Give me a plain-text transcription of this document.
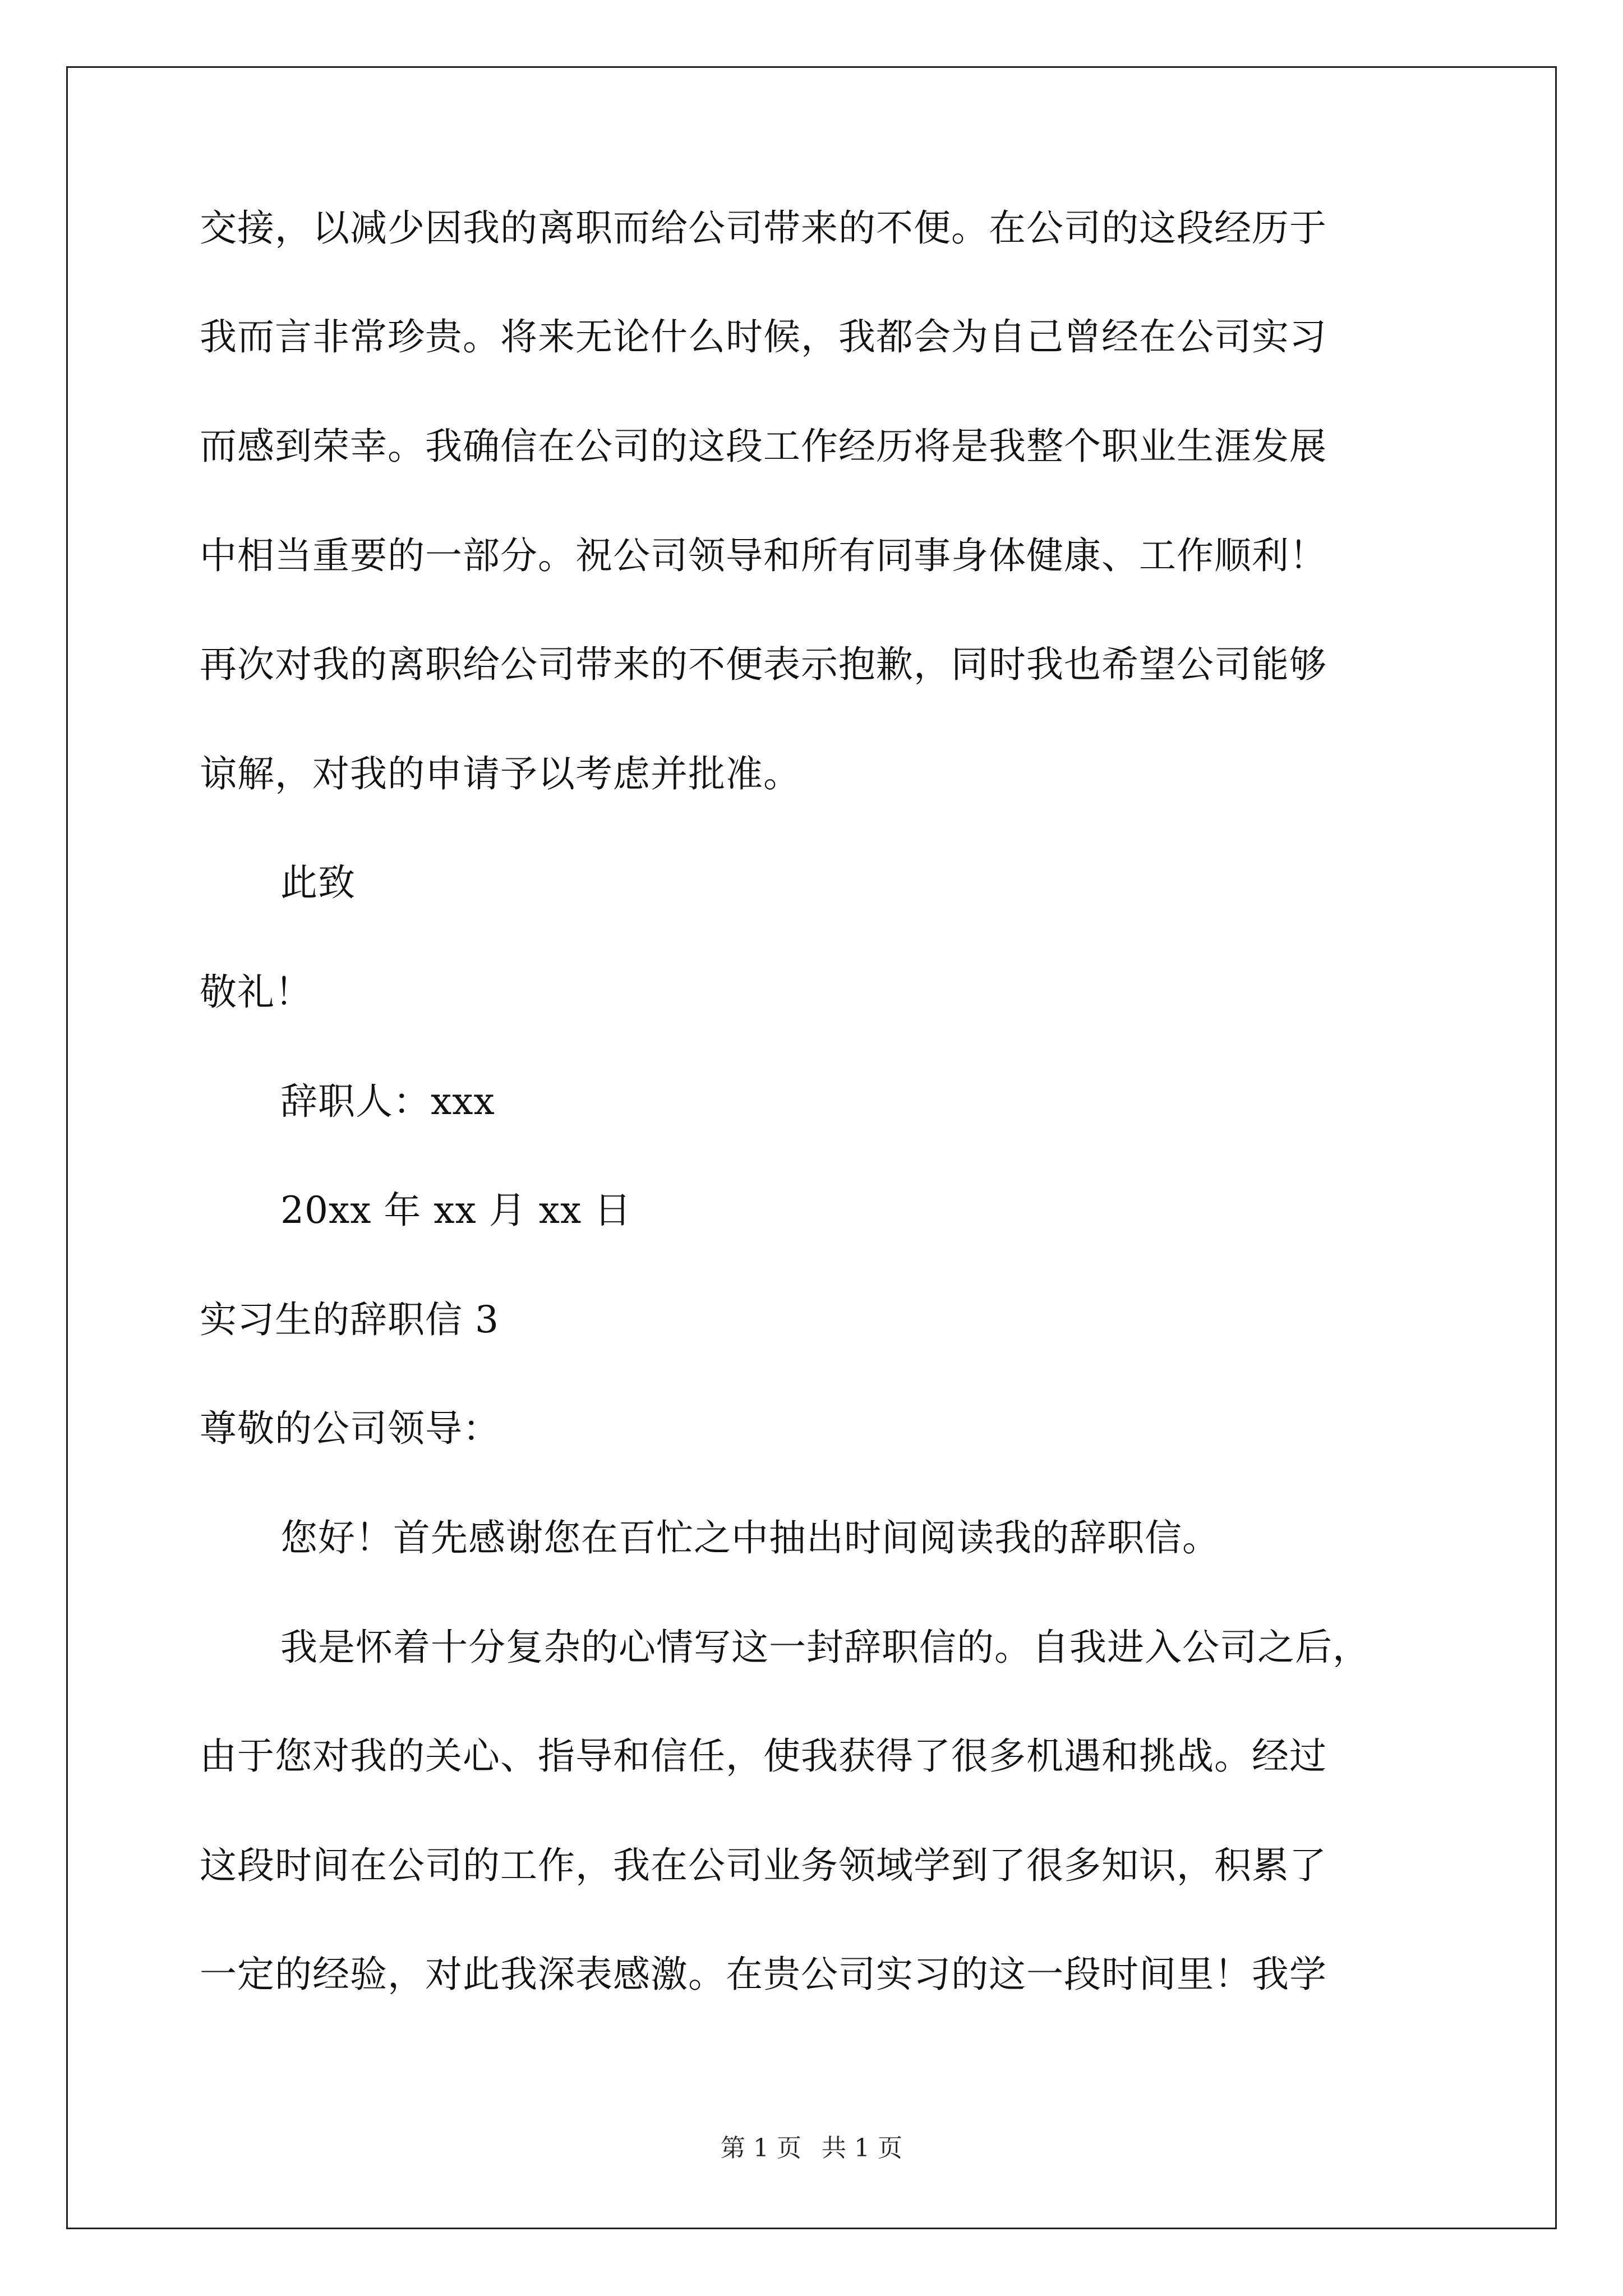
交接，以减少因我的离职而给公司带来的不便。在公司的这段经历于
我而言非常珍贵。将来无论什么时候，我都会为自己曾经在公司实习
而感到荣幸。我确信在公司的这段工作经历将是我整个职业生涯发展
中相当重要的一部分。祝公司领导和所有同事身体健康、工作顺利！
再次对我的离职给公司带来的不便表示抱歉，同时我也希望公司能够
谅解，对我的申请予以考虑并批准。
此致
敬礼！
辞职人：xxx
20xx 年 xx 月 xx 日
实习生的辞职信 3
尊敬的公司领导：
您好！首先感谢您在百忙之中抽出时间阅读我的辞职信。
我是怀着十分复杂的心情写这一封辞职信的。自我进入公司之后，
由于您对我的关心、指导和信任，使我获得了很多机遇和挑战。经过
这段时间在公司的工作，我在公司业务领域学到了很多知识，积累了
一定的经验，对此我深表感激。在贵公司实习的这一段时间里！我学
第 1 页 共 1 页
